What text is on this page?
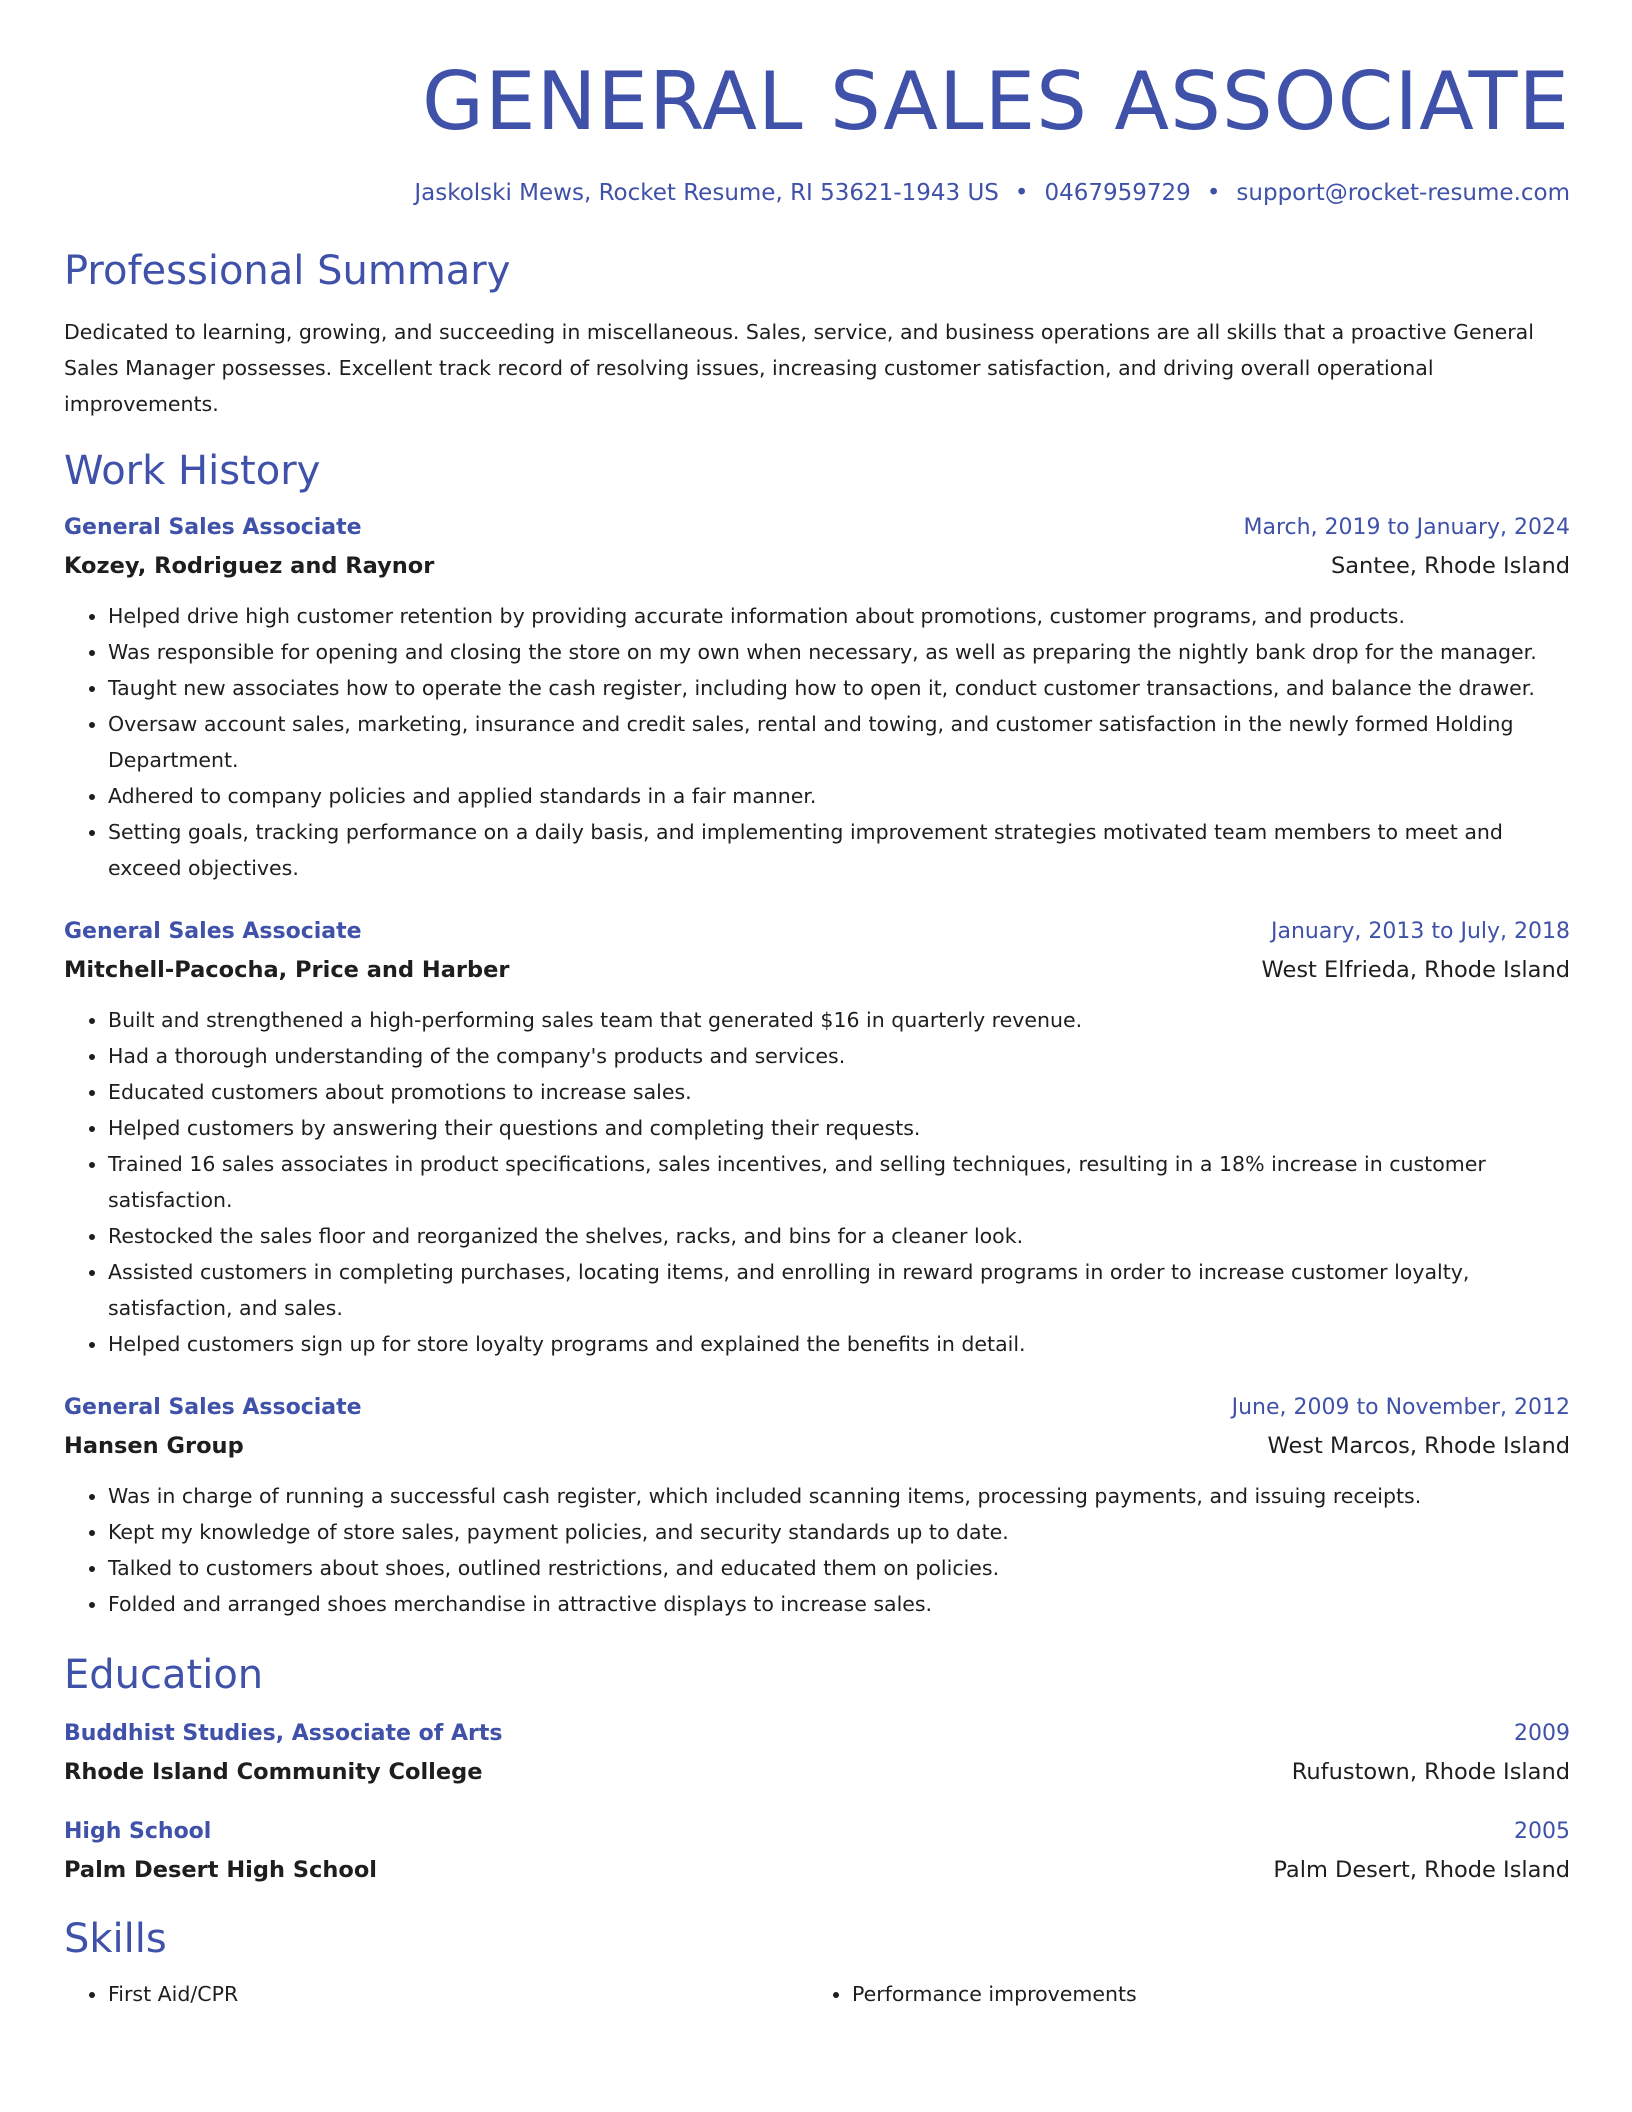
GENERAL SALES ASSOCIATE
Jaskolski Mews, Rocket Resume, RI 53621-1943 US • 0467959729 • support@rocket-resume.com
Professional Summary
Dedicated to learning, growing, and succeeding in miscellaneous. Sales, service, and business operations are all skills that a proactive General Sales Manager possesses. Excellent track record of resolving issues, increasing customer satisfaction, and driving overall operational improvements.
Work History
General Sales Associate	March, 2019 to January, 2024
Kozey, Rodriguez and Raynor	Santee, Rhode Island
• Helped drive high customer retention by providing accurate information about promotions, customer programs, and products.
• Was responsible for opening and closing the store on my own when necessary, as well as preparing the nightly bank drop for the manager.
• Taught new associates how to operate the cash register, including how to open it, conduct customer transactions, and balance the drawer.
• Oversaw account sales, marketing, insurance and credit sales, rental and towing, and customer satisfaction in the newly formed Holding Department.
• Adhered to company policies and applied standards in a fair manner.
• Setting goals, tracking performance on a daily basis, and implementing improvement strategies motivated team members to meet and exceed objectives.
General Sales Associate	January, 2013 to July, 2018
Mitchell-Pacocha, Price and Harber	West Elfrieda, Rhode Island
• Built and strengthened a high-performing sales team that generated $16 in quarterly revenue.
• Had a thorough understanding of the company's products and services.
• Educated customers about promotions to increase sales.
• Helped customers by answering their questions and completing their requests.
• Trained 16 sales associates in product specifications, sales incentives, and selling techniques, resulting in a 18% increase in customer satisfaction.
• Restocked the sales floor and reorganized the shelves, racks, and bins for a cleaner look.
• Assisted customers in completing purchases, locating items, and enrolling in reward programs in order to increase customer loyalty, satisfaction, and sales.
• Helped customers sign up for store loyalty programs and explained the benefits in detail.
General Sales Associate	June, 2009 to November, 2012
Hansen Group	West Marcos, Rhode Island
• Was in charge of running a successful cash register, which included scanning items, processing payments, and issuing receipts.
• Kept my knowledge of store sales, payment policies, and security standards up to date.
• Talked to customers about shoes, outlined restrictions, and educated them on policies.
• Folded and arranged shoes merchandise in attractive displays to increase sales.
Education
Buddhist Studies, Associate of Arts	2009
Rhode Island Community College	Rufustown, Rhode Island
High School	2005
Palm Desert High School	Palm Desert, Rhode Island
Skills
• First Aid/CPR
•	Performance improvements
